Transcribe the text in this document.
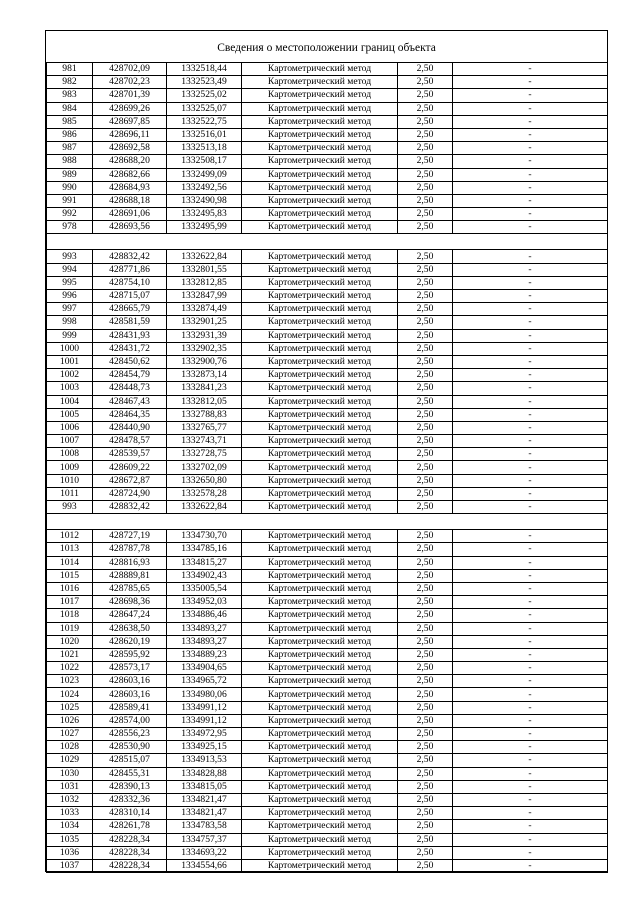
Сведения о местоположении границ объекта
981	428702,09	1332518,44	Картометрический метод	2,50	-
982	428702,23	1332523,49	Картометрический метод	2,50	-
983	428701,39	1332525,02	Картометрический метод	2,50	-
984	428699,26	1332525,07	Картометрический метод	2,50	-
985	428697,85	1332522,75	Картометрический метод	2,50	-
986	428696,11	1332516,01	Картометрический метод	2,50	-
987	428692,58	1332513,18	Картометрический метод	2,50	-
988	428688,20	1332508,17	Картометрический метод	2,50	-
989	428682,66	1332499,09	Картометрический метод	2,50	-
990	428684,93	1332492,56	Картометрический метод	2,50	-
991	428688,18	1332490,98	Картометрический метод	2,50	-
992	428691,06	1332495,83	Картометрический метод	2,50	-
978	428693,56	1332495,99	Картометрический метод	2,50	-

993	428832,42	1332622,84	Картометрический метод	2,50	-
994	428771,86	1332801,55	Картометрический метод	2,50	-
995	428754,10	1332812,85	Картометрический метод	2,50	-
996	428715,07	1332847,99	Картометрический метод	2,50	-
997	428665,79	1332874,49	Картометрический метод	2,50	-
998	428581,59	1332901,25	Картометрический метод	2,50	-
999	428431,93	1332931,39	Картометрический метод	2,50	-
1000	428431,72	1332902,35	Картометрический метод	2,50	-
1001	428450,62	1332900,76	Картометрический метод	2,50	-
1002	428454,79	1332873,14	Картометрический метод	2,50	-
1003	428448,73	1332841,23	Картометрический метод	2,50	-
1004	428467,43	1332812,05	Картометрический метод	2,50	-
1005	428464,35	1332788,83	Картометрический метод	2,50	-
1006	428440,90	1332765,77	Картометрический метод	2,50	-
1007	428478,57	1332743,71	Картометрический метод	2,50	-
1008	428539,57	1332728,75	Картометрический метод	2,50	-
1009	428609,22	1332702,09	Картометрический метод	2,50	-
1010	428672,87	1332650,80	Картометрический метод	2,50	-
1011	428724,90	1332578,28	Картометрический метод	2,50	-
993	428832,42	1332622,84	Картометрический метод	2,50	-

1012	428727,19	1334730,70	Картометрический метод	2,50	-
1013	428787,78	1334785,16	Картометрический метод	2,50	-
1014	428816,93	1334815,27	Картометрический метод	2,50	-
1015	428889,81	1334902,43	Картометрический метод	2,50	-
1016	428785,65	1335005,54	Картометрический метод	2,50	-
1017	428698,36	1334952,03	Картометрический метод	2,50	-
1018	428647,24	1334886,46	Картометрический метод	2,50	-
1019	428638,50	1334893,27	Картометрический метод	2,50	-
1020	428620,19	1334893,27	Картометрический метод	2,50	-
1021	428595,92	1334889,23	Картометрический метод	2,50	-
1022	428573,17	1334904,65	Картометрический метод	2,50	-
1023	428603,16	1334965,72	Картометрический метод	2,50	-
1024	428603,16	1334980,06	Картометрический метод	2,50	-
1025	428589,41	1334991,12	Картометрический метод	2,50	-
1026	428574,00	1334991,12	Картометрический метод	2,50	-
1027	428556,23	1334972,95	Картометрический метод	2,50	-
1028	428530,90	1334925,15	Картометрический метод	2,50	-
1029	428515,07	1334913,53	Картометрический метод	2,50	-
1030	428455,31	1334828,88	Картометрический метод	2,50	-
1031	428390,13	1334815,05	Картометрический метод	2,50	-
1032	428332,36	1334821,47	Картометрический метод	2,50	-
1033	428310,14	1334821,47	Картометрический метод	2,50	-
1034	428261,78	1334783,58	Картометрический метод	2,50	-
1035	428228,34	1334757,37	Картометрический метод	2,50	-
1036	428228,34	1334693,22	Картометрический метод	2,50	-
1037	428228,34	1334554,66	Картометрический метод	2,50	-
